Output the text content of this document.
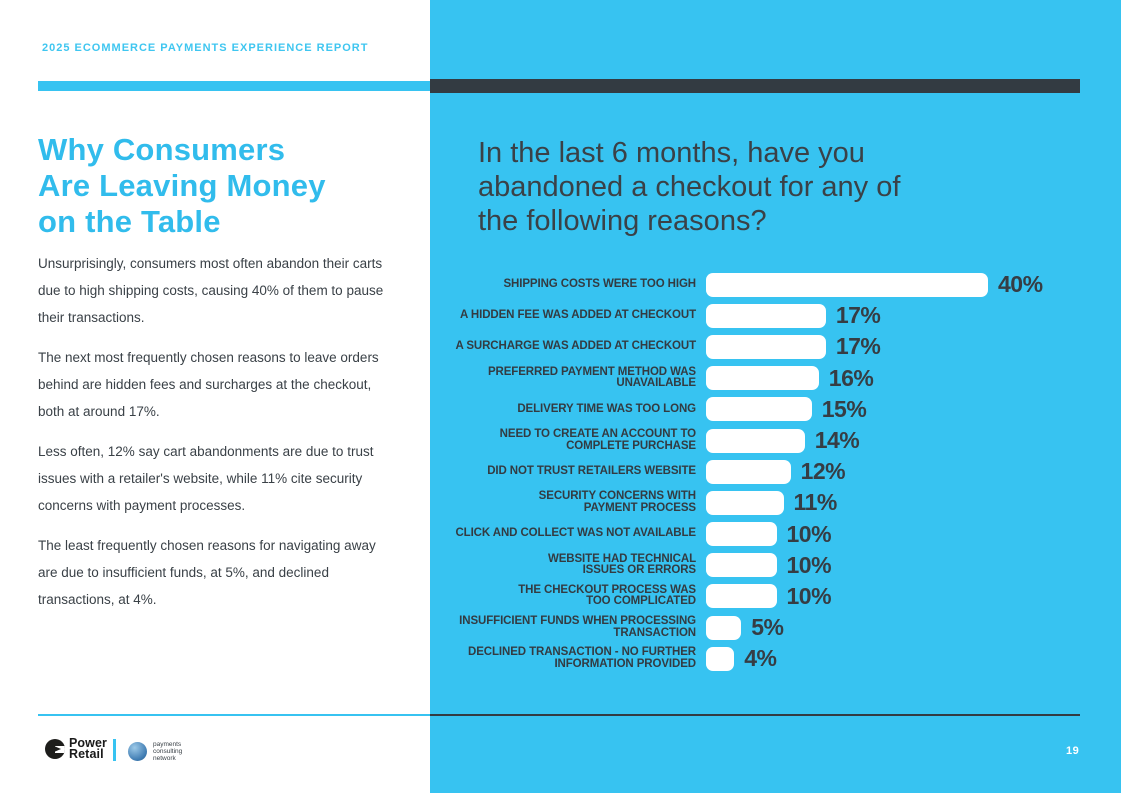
2025 ECOMMERCE PAYMENTS EXPERIENCE REPORT
Why Consumers
Are Leaving Money
on the Table

Unsurprisingly, consumers most often abandon their carts due to high shipping costs, causing 40% of them to pause their transactions.

The next most frequently chosen reasons to leave orders behind are hidden fees and surcharges at the checkout, both at around 17%.

Less often, 12% say cart abandonments are due to trust issues with a retailer's website, while 11% cite security concerns with payment processes.

The least frequently chosen reasons for navigating away are due to insufficient funds, at 5%, and declined transactions, at 4%.

In the last 6 months, have you
abandoned a checkout for any of
the following reasons?
SHIPPING COSTS WERE TOO HIGH	40%
A HIDDEN FEE WAS ADDED AT CHECKOUT	17%
A SURCHARGE WAS ADDED AT CHECKOUT	17%
PREFERRED PAYMENT METHOD WAS
UNAVAILABLE	16%
DELIVERY TIME WAS TOO LONG	15%
NEED TO CREATE AN ACCOUNT TO
COMPLETE PURCHASE	14%
DID NOT TRUST RETAILERS WEBSITE	12%
SECURITY CONCERNS WITH
PAYMENT PROCESS	11%
CLICK AND COLLECT WAS NOT AVAILABLE	10%
WEBSITE HAD TECHNICAL
ISSUES OR ERRORS	10%
THE CHECKOUT PROCESS WAS
TOO COMPLICATED	10%
INSUFFICIENT FUNDS WHEN PROCESSING
TRANSACTION 5%
DECLINED TRANSACTION - NO FURTHER
INFORMATION PROVIDED 4%
Power
Retail
payments
consulting
network
19
